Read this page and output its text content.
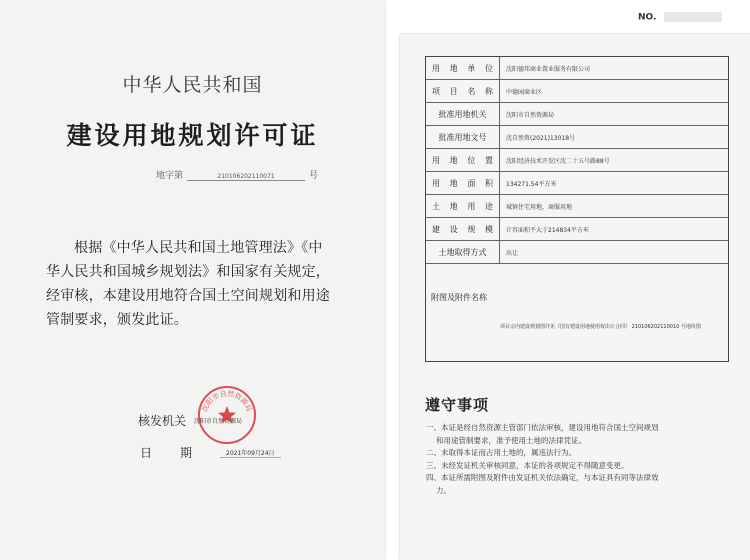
中华人民共和国
建设用地规划许可证
地字第	210106202110071	号
根据《中华人民共和国土地管理法》《中华人民共和国城乡规划法》和国家有关规定，经审核，本建设用地符合国土空间规划和用途管制要求，颁发此证。
核发机关 沈阳市自然资源局
日期	2021年09月24日
沈阳市自然资源局
NO.
用 地 单 位	沈阳德邦商业置业服务有限公司
项 目 名 称	中德园商业区
批准用地机关	沈阳市自然资源局
批准用地文号	沈自然资(2021)13018号
用 地 位 置	沈阳经济技术开发区沈二十五号路88号
用 地 面 积	134271.54平方米
土 地 用 途	城镇住宅用地、商服用地
建 设 规 模	计容面积不大于214834平方米
土地取得方式	出让
附图及附件名称
项目宗内建设规划图详见《国有建设用地使用权出让合同》 210106202110010 号地块图
遵守事项
一、本证是经自然资源主管部门依法审核，建设用地符合国土空间规划
和用途管制要求，准予使用土地的法律凭证。
二、未取得本证而占用土地的，属违法行为。
三、未经发证机关审核同意，本证的各项规定不得随意变更。
四、本证所需附图及附件由发证机关依法确定，与本证具有同等法律效
力。
